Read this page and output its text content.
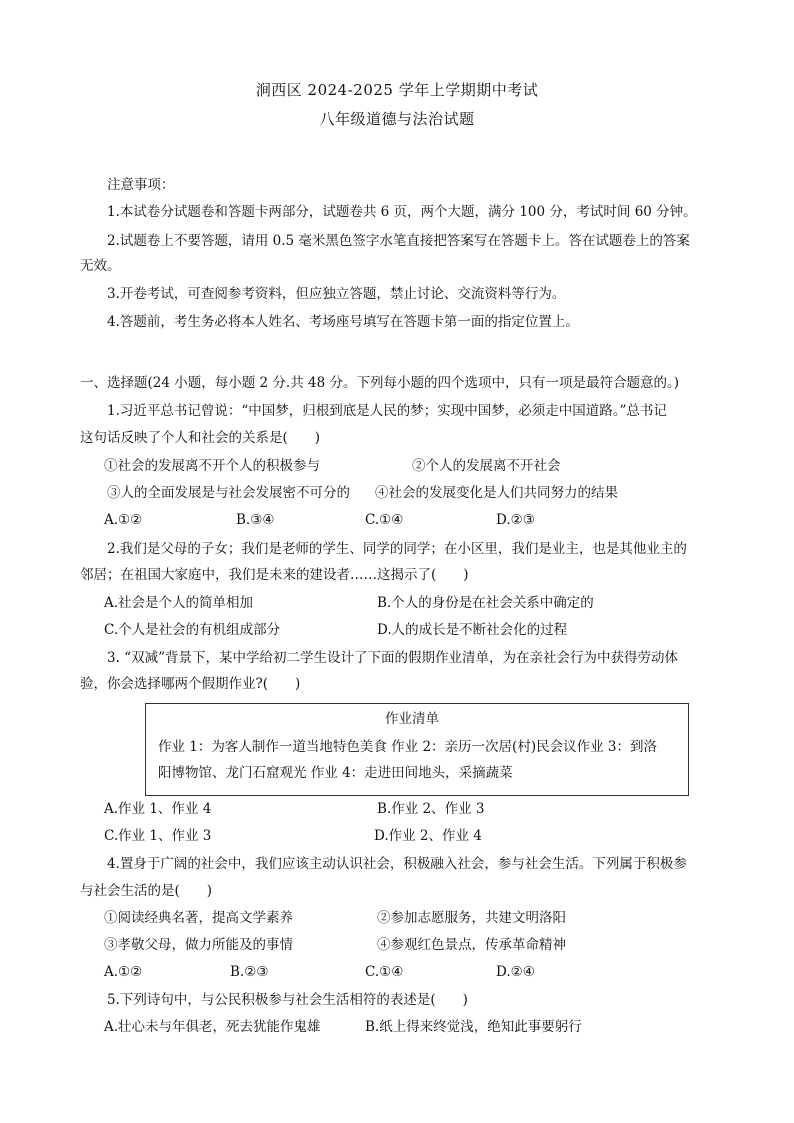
涧西区 2024-2025 学年上学期期中考试
八年级道德与法治试题
注意事项：
1.本试卷分试题卷和答题卡两部分，试题卷共 6 页，两个大题，满分 100 分，考试时间 60 分钟。
2.试题卷上不要答题，请用 0.5 毫米黑色签字水笔直接把答案写在答题卡上。答在试题卷上的答案
无效。
3.开卷考试，可查阅参考资料，但应独立答题，禁止讨论、交流资料等行为。
4.答题前，考生务必将本人姓名、考场座号填写在答题卡第一面的指定位置上。
一、选择题(24 小题，每小题 2 分.共 48 分。下列每小题的四个选项中，只有一项是最符合题意的。)
1.习近平总书记曾说：“中国梦，归根到底是人民的梦；实现中国梦，必须走中国道路。”总书记
这句话反映了个人和社会的关系是(　　)
①社会的发展离不开个人的积极参与	②个人的发展离不开社会
③人的全面发展是与社会发展密不可分的 ④社会的发展变化是人们共同努力的结果
A.①②	B.③④	C.①④	D.②③
2.我们是父母的子女；我们是老师的学生、同学的同学；在小区里，我们是业主，也是其他业主的
邻居；在祖国大家庭中，我们是未来的建设者……这揭示了(　　)
A.社会是个人的简单相加	B.个人的身份是在社会关系中确定的
C.个人是社会的有机组成部分	D.人的成长是不断社会化的过程
3. “双减”背景下，某中学给初二学生设计了下面的假期作业清单，为在亲社会行为中获得劳动体
验，你会选择哪两个假期作业?(　　)
作业清单
作业 1：为客人制作一道当地特色美食 作业 2：亲历一次居(村)民会议作业 3：到洛
阳博物馆、龙门石窟观光 作业 4：走进田间地头，采摘蔬菜
A.作业 1、作业 4	B.作业 2、作业 3
C.作业 1、作业 3	D.作业 2、作业 4
4.置身于广阔的社会中，我们应该主动认识社会，积极融入社会，参与社会生活。下列属于积极参
与社会生活的是(　　)
①阅读经典名著，提高文学素养	②参加志愿服务，共建文明洛阳
③孝敬父母，做力所能及的事情	④参观红色景点，传承革命精神
A.①②	B.②③	C.①④	D.②④
5.下列诗句中，与公民积极参与社会生活相符的表述是(　　)
A.壮心未与年俱老，死去犹能作鬼雄	B.纸上得来终觉浅，绝知此事要躬行
